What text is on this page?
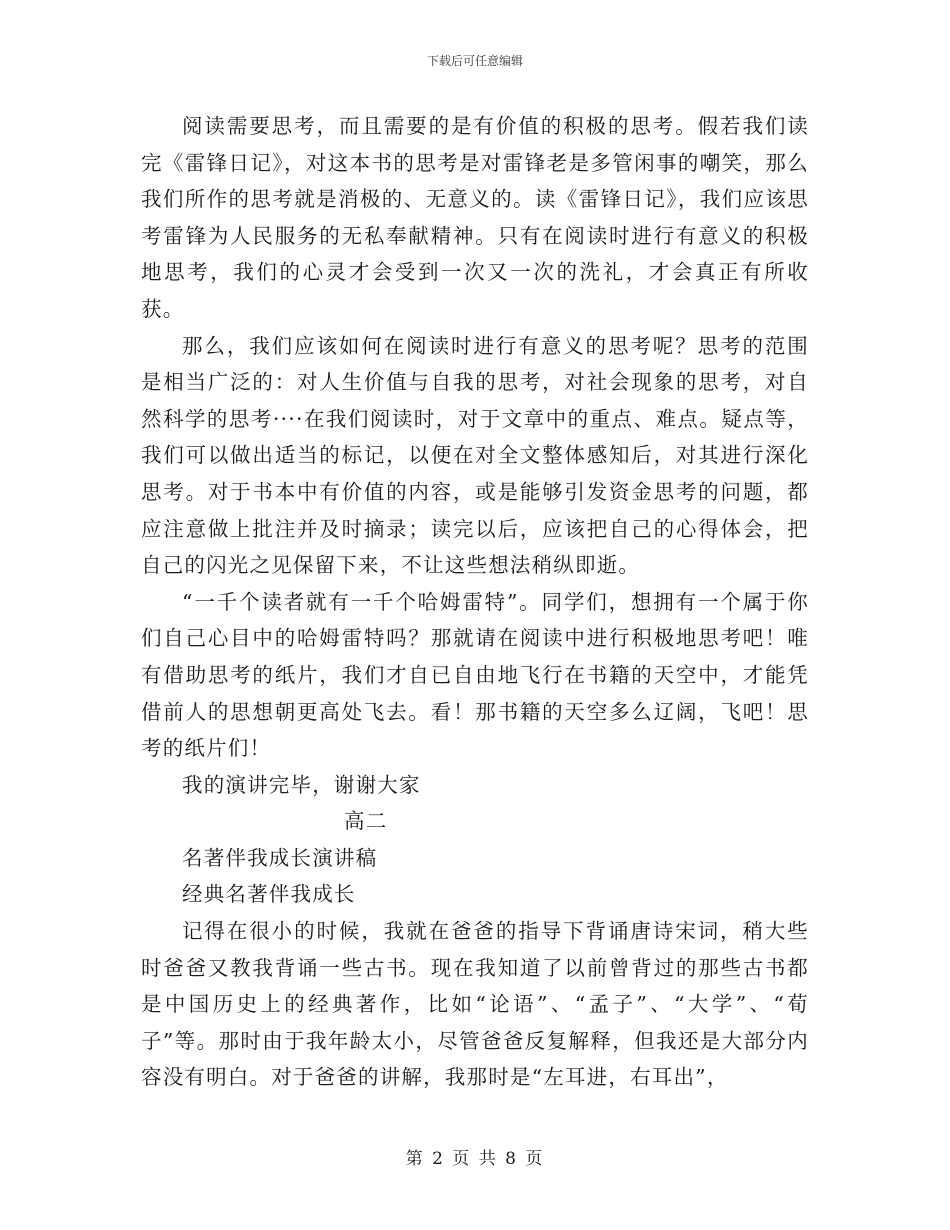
下载后可任意编辑

阅读需要思考，而且需要的是有价值的积极的思考。假若我们读完《雷锋日记》，对这本书的思考是对雷锋老是多管闲事的嘲笑，那么我们所作的思考就是消极的、无意义的。读《雷锋日记》，我们应该思考雷锋为人民服务的无私奉献精神。只有在阅读时进行有意义的积极地思考，我们的心灵才会受到一次又一次的洗礼，才会真正有所收获。

那么，我们应该如何在阅读时进行有意义的思考呢？思考的范围是相当广泛的：对人生价值与自我的思考，对社会现象的思考，对自然科学的思考····在我们阅读时，对于文章中的重点、难点。疑点等，我们可以做出适当的标记，以便在对全文整体感知后，对其进行深化思考。对于书本中有价值的内容，或是能够引发资金思考的问题，都应注意做上批注并及时摘录；读完以后，应该把自己的心得体会，把自己的闪光之见保留下来，不让这些想法稍纵即逝。

“一千个读者就有一千个哈姆雷特”。同学们，想拥有一个属于你们自己心目中的哈姆雷特吗？那就请在阅读中进行积极地思考吧！唯有借助思考的纸片，我们才自已自由地飞行在书籍的天空中，才能凭借前人的思想朝更高处飞去。看！那书籍的天空多么辽阔，飞吧！思考的纸片们！

我的演讲完毕，谢谢大家

高二

名著伴我成长演讲稿

经典名著伴我成长

记得在很小的时候，我就在爸爸的指导下背诵唐诗宋词，稍大些时爸爸又教我背诵一些古书。现在我知道了以前曾背过的那些古书都是中国历史上的经典著作，比如“论语”、“孟子”、“大学”、“荀子”等。那时由于我年龄太小，尽管爸爸反复解释，但我还是大部分内容没有明白。对于爸爸的讲解，我那时是“左耳进，右耳出”，

第 2 页 共 8 页
